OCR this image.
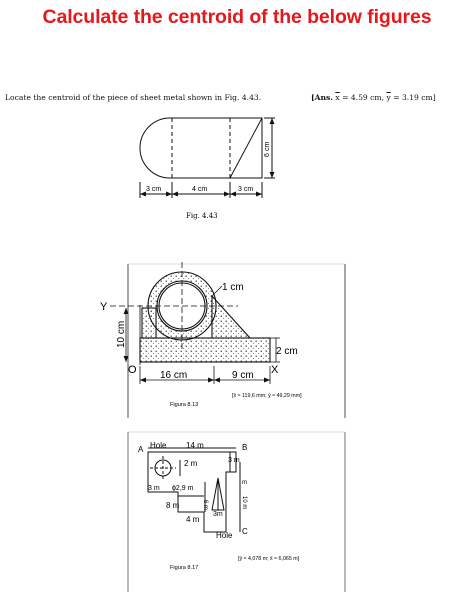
Calculate the centroid of the below figures
Locate the centroid of the piece of sheet metal shown in Fig. 4.43.	[Ans. $\overline{x} = 4.59$ cm, $\overline{y} = 3.19$ cm]
3 cm	4 cm	3 cm
6 cm
Fig. 4.43
Y
O	X
1 cm
10 cm
2 cm
16 cm	9 cm
[x̄ ≈ 119,6 mm; ȳ ≈ 49,29 mm]
Figura 8.13
A Hole 14 m	B
2 m	3 m
3 m ϕ2,9 m
6 m	10 m
m
8 m
4 m
3m
Hole C
[ȳ ≈ 4,078 m; x̄ ≈ 6,065 m]
Figura 8.17
